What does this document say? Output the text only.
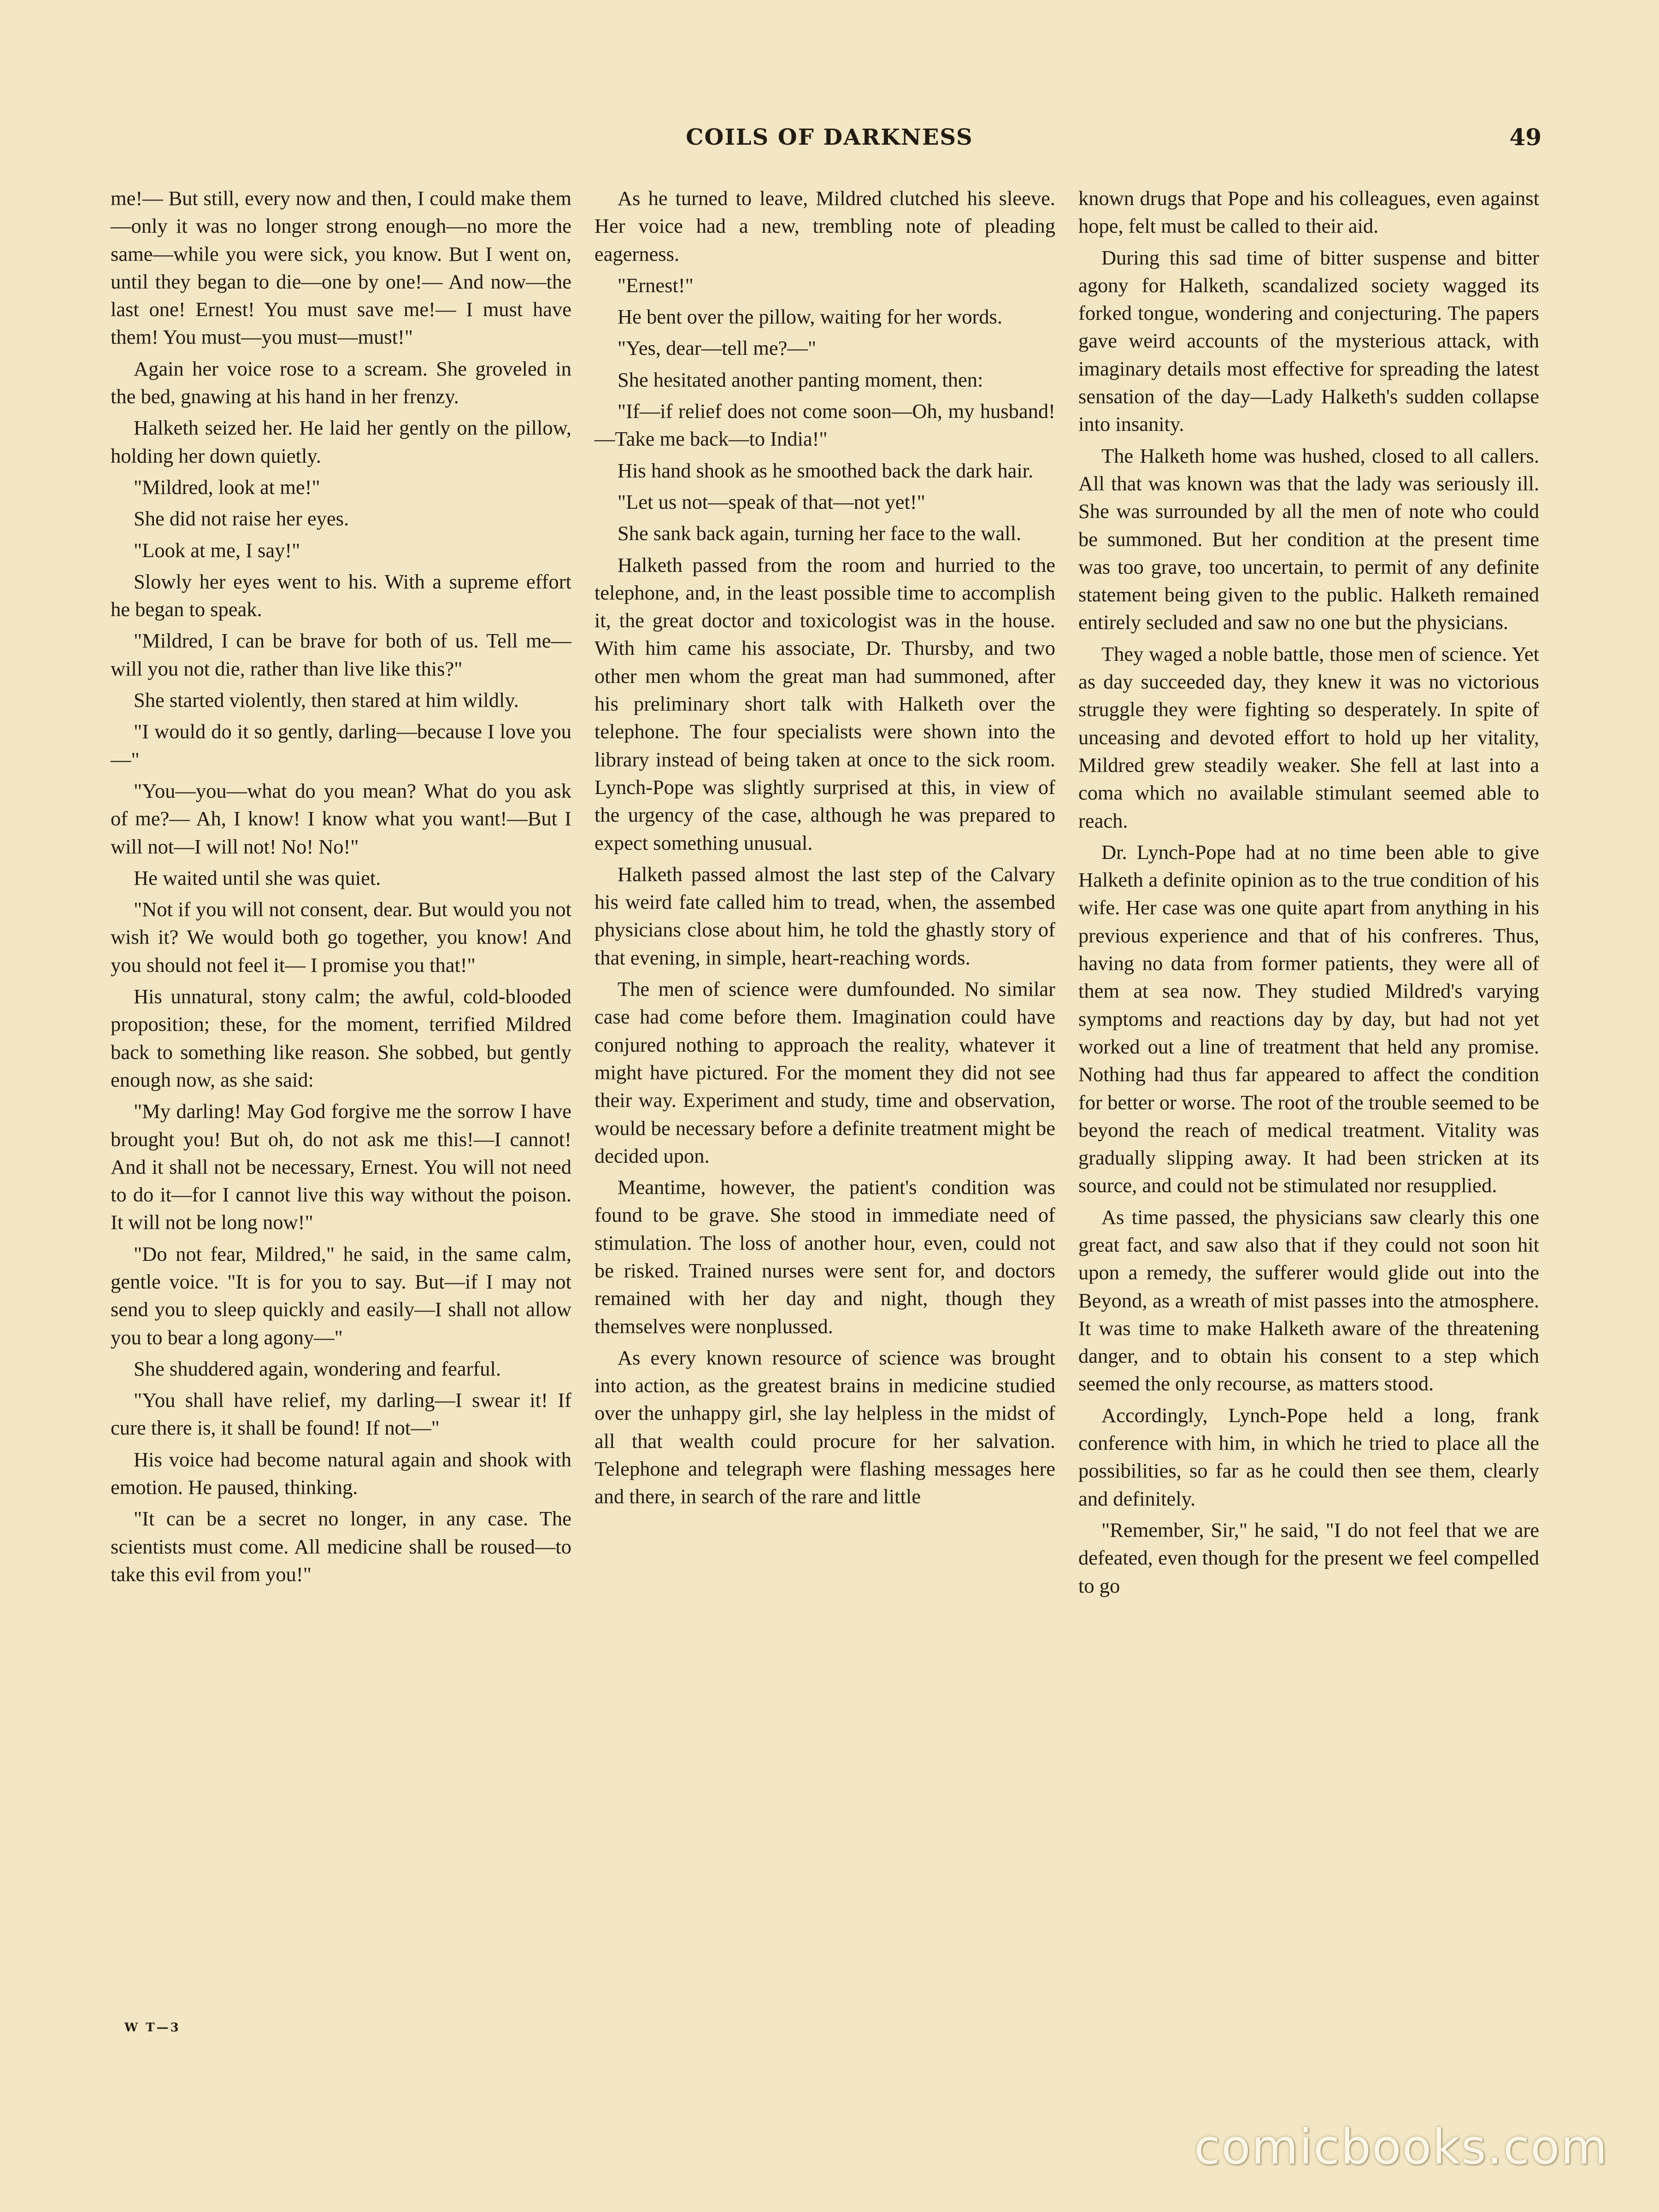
COILS OF DARKNESS	49

me!— But still, every now and then, I could make them—only it was no longer strong enough—no more the same—while you were sick, you know. But I went on, until they began to die—one by one!— And now—the last one! Ernest! You must save me!— I must have them! You must—you must—must!"

Again her voice rose to a scream. She groveled in the bed, gnawing at his hand in her frenzy.

Halketh seized her. He laid her gently on the pillow, holding her down quietly.

"Mildred, look at me!"

She did not raise her eyes.

"Look at me, I say!"

Slowly her eyes went to his. With a supreme effort he began to speak.

"Mildred, I can be brave for both of us. Tell me—will you not die, rather than live like this?"

She started violently, then stared at him wildly.

"I would do it so gently, darling—because I love you—"

"You—you—what do you mean? What do you ask of me?— Ah, I know! I know what you want!—But I will not—I will not! No! No!"

He waited until she was quiet.

"Not if you will not consent, dear. But would you not wish it? We would both go together, you know! And you should not feel it— I promise you that!"

His unnatural, stony calm; the awful, cold-blooded proposition; these, for the moment, terrified Mildred back to something like reason. She sobbed, but gently enough now, as she said:

"My darling! May God forgive me the sorrow I have brought you! But oh, do not ask me this!—I cannot! And it shall not be necessary, Ernest. You will not need to do it—for I cannot live this way without the poison. It will not be long now!"

"Do not fear, Mildred," he said, in the same calm, gentle voice. "It is for you to say. But—if I may not send you to sleep quickly and easily—I shall not allow you to bear a long agony—"

She shuddered again, wondering and fearful.

"You shall have relief, my darling—I swear it! If cure there is, it shall be found! If not—"

His voice had become natural again and shook with emotion. He paused, thinking.

"It can be a secret no longer, in any case. The scientists must come. All medicine shall be roused—to take this evil from you!"

As he turned to leave, Mildred clutched his sleeve. Her voice had a new, trembling note of pleading eagerness.

"Ernest!"

He bent over the pillow, waiting for her words.

"Yes, dear—tell me?—"

She hesitated another panting moment, then:

"If—if relief does not come soon—Oh, my husband!—Take me back—to India!"

His hand shook as he smoothed back the dark hair.

"Let us not—speak of that—not yet!"

She sank back again, turning her face to the wall.

Halketh passed from the room and hurried to the telephone, and, in the least possible time to accomplish it, the great doctor and toxicologist was in the house. With him came his associate, Dr. Thursby, and two other men whom the great man had summoned, after his preliminary short talk with Halketh over the telephone. The four specialists were shown into the library instead of being taken at once to the sick room. Lynch-Pope was slightly surprised at this, in view of the urgency of the case, although he was prepared to expect something unusual.

Halketh passed almost the last step of the Calvary his weird fate called him to tread, when, the assembed physicians close about him, he told the ghastly story of that evening, in simple, heart-reaching words.

The men of science were dumfounded. No similar case had come before them. Imagination could have conjured nothing to approach the reality, whatever it might have pictured. For the moment they did not see their way. Experiment and study, time and observation, would be necessary before a definite treatment might be decided upon.

Meantime, however, the patient's condition was found to be grave. She stood in immediate need of stimulation. The loss of another hour, even, could not be risked. Trained nurses were sent for, and doctors remained with her day and night, though they themselves were nonplussed.

As every known resource of science was brought into action, as the greatest brains in medicine studied over the unhappy girl, she lay helpless in the midst of all that wealth could procure for her salvation. Telephone and telegraph were flashing messages here and there, in search of the rare and little

known drugs that Pope and his colleagues, even against hope, felt must be called to their aid.

During this sad time of bitter suspense and bitter agony for Halketh, scandalized society wagged its forked tongue, wondering and conjecturing. The papers gave weird accounts of the mysterious attack, with imaginary details most effective for spreading the latest sensation of the day—Lady Halketh's sudden collapse into insanity.

The Halketh home was hushed, closed to all callers. All that was known was that the lady was seriously ill. She was surrounded by all the men of note who could be summoned. But her condition at the present time was too grave, too uncertain, to permit of any definite statement being given to the public. Halketh remained entirely secluded and saw no one but the physicians.

They waged a noble battle, those men of science. Yet as day succeeded day, they knew it was no victorious struggle they were fighting so desperately. In spite of unceasing and devoted effort to hold up her vitality, Mildred grew steadily weaker. She fell at last into a coma which no available stimulant seemed able to reach.

Dr. Lynch-Pope had at no time been able to give Halketh a definite opinion as to the true condition of his wife. Her case was one quite apart from anything in his previous experience and that of his confreres. Thus, having no data from former patients, they were all of them at sea now. They studied Mildred's varying symptoms and reactions day by day, but had not yet worked out a line of treatment that held any promise. Nothing had thus far appeared to affect the condition for better or worse. The root of the trouble seemed to be beyond the reach of medical treatment. Vitality was gradually slipping away. It had been stricken at its source, and could not be stimulated nor resupplied.

As time passed, the physicians saw clearly this one great fact, and saw also that if they could not soon hit upon a remedy, the sufferer would glide out into the Beyond, as a wreath of mist passes into the atmosphere. It was time to make Halketh aware of the threatening danger, and to obtain his consent to a step which seemed the only recourse, as matters stood.

Accordingly, Lynch-Pope held a long, frank conference with him, in which he tried to place all the possibilities, so far as he could then see them, clearly and definitely.

"Remember, Sir," he said, "I do not feel that we are defeated, even though for the present we feel compelled to go

W T—3
comicbooks.com
